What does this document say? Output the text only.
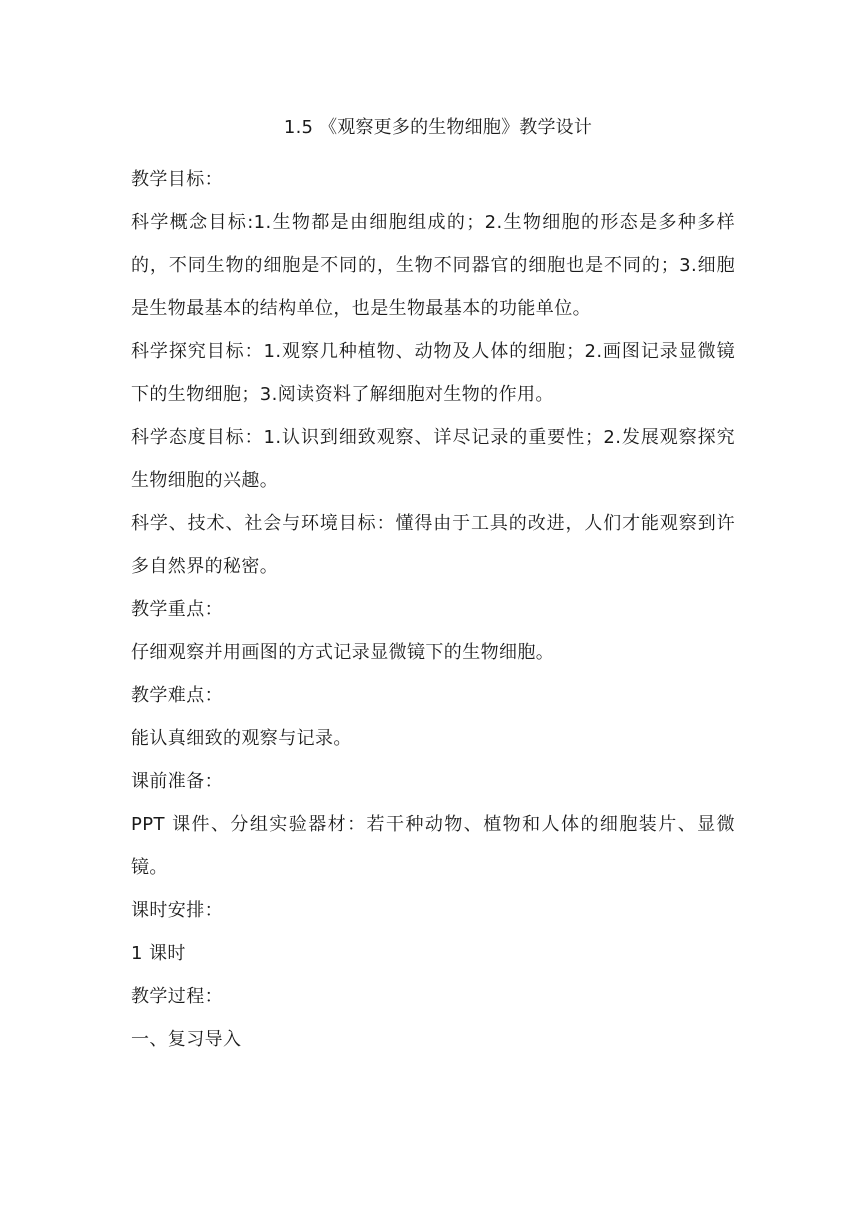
1.5 《观察更多的生物细胞》教学设计

教学目标：

科学概念目标:1.生物都是由细胞组成的；2.生物细胞的形态是多种多样的，不同生物的细胞是不同的，生物不同器官的细胞也是不同的；3.细胞是生物最基本的结构单位，也是生物最基本的功能单位。

科学探究目标：1.观察几种植物、动物及人体的细胞；2.画图记录显微镜下的生物细胞；3.阅读资料了解细胞对生物的作用。

科学态度目标：1.认识到细致观察、详尽记录的重要性；2.发展观察探究生物细胞的兴趣。

科学、技术、社会与环境目标：懂得由于工具的改进，人们才能观察到许多自然界的秘密。

教学重点：

仔细观察并用画图的方式记录显微镜下的生物细胞。

教学难点：

能认真细致的观察与记录。

课前准备：

PPT 课件、分组实验器材：若干种动物、植物和人体的细胞装片、显微镜。

课时安排：

1 课时

教学过程：

一、复习导入
